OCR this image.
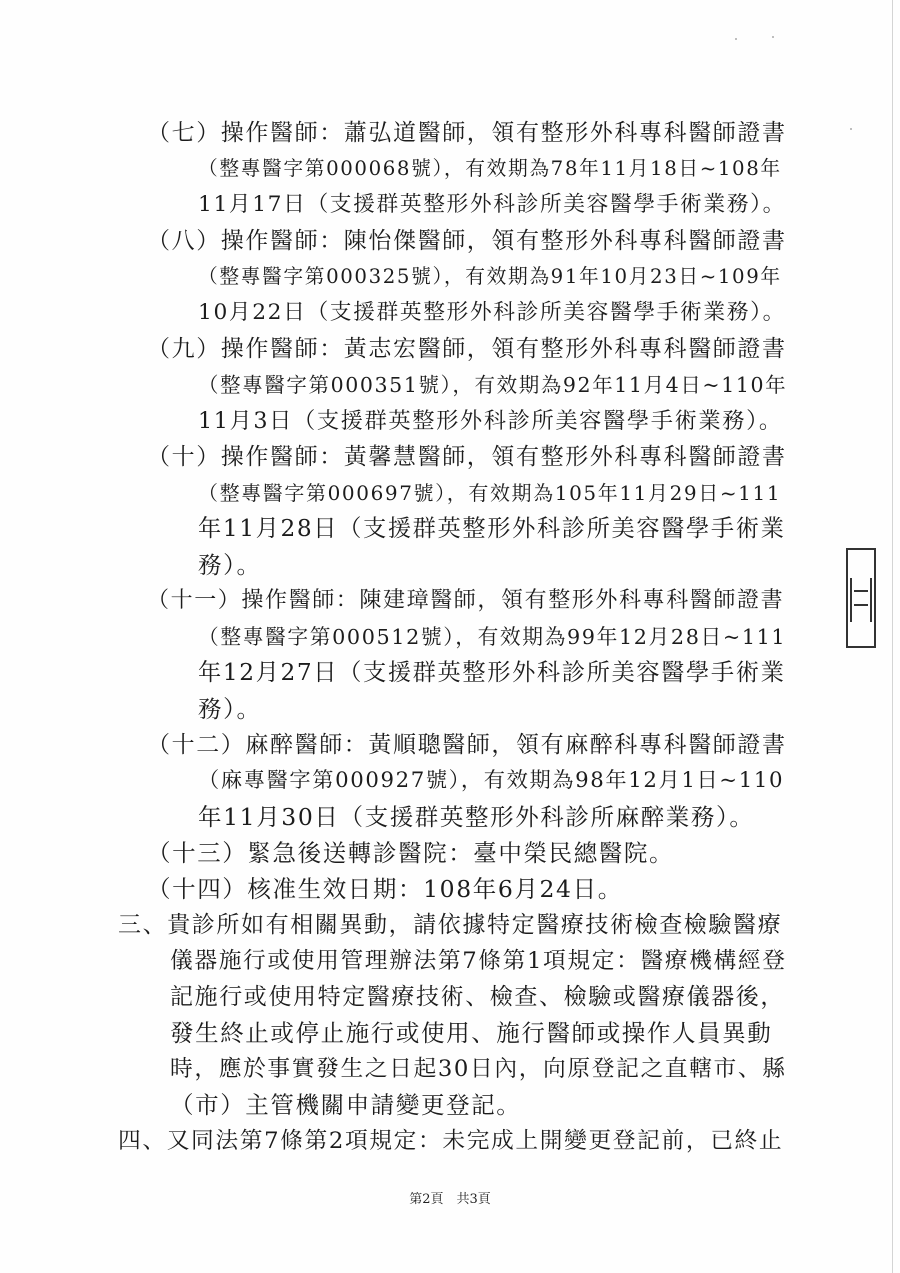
（七）操作醫師：蕭弘道醫師，領有整形外科專科醫師證書
（整專醫字第000068號），有效期為78年11月18日~108年
11月17日（支援群英整形外科診所美容醫學手術業務）。
（八）操作醫師：陳怡傑醫師，領有整形外科專科醫師證書
（整專醫字第000325號），有效期為91年10月23日~109年
10月22日（支援群英整形外科診所美容醫學手術業務）。
（九）操作醫師：黃志宏醫師，領有整形外科專科醫師證書
（整專醫字第000351號），有效期為92年11月4日~110年
11月3日（支援群英整形外科診所美容醫學手術業務）。
（十）操作醫師：黃馨慧醫師，領有整形外科專科醫師證書
（整專醫字第000697號），有效期為105年11月29日~111
年11月28日（支援群英整形外科診所美容醫學手術業
務）。
（十一）操作醫師：陳建璋醫師，領有整形外科專科醫師證書
（整專醫字第000512號），有效期為99年12月28日~111
年12月27日（支援群英整形外科診所美容醫學手術業
務）。
（十二）麻醉醫師：黃順聰醫師，領有麻醉科專科醫師證書
（麻專醫字第000927號），有效期為98年12月1日~110
年11月30日（支援群英整形外科診所麻醉業務）。
（十三）緊急後送轉診醫院：臺中榮民總醫院。
（十四）核准生效日期：108年6月24日。
三、貴診所如有相關異動，請依據特定醫療技術檢查檢驗醫療
儀器施行或使用管理辦法第7條第1項規定：醫療機構經登
記施行或使用特定醫療技術、檢查、檢驗或醫療儀器後，
發生終止或停止施行或使用、施行醫師或操作人員異動
時，應於事實發生之日起30日內，向原登記之直轄市、縣
（市）主管機關申請變更登記。
四、又同法第7條第2項規定：未完成上開變更登記前，已終止
第2頁　共3頁
